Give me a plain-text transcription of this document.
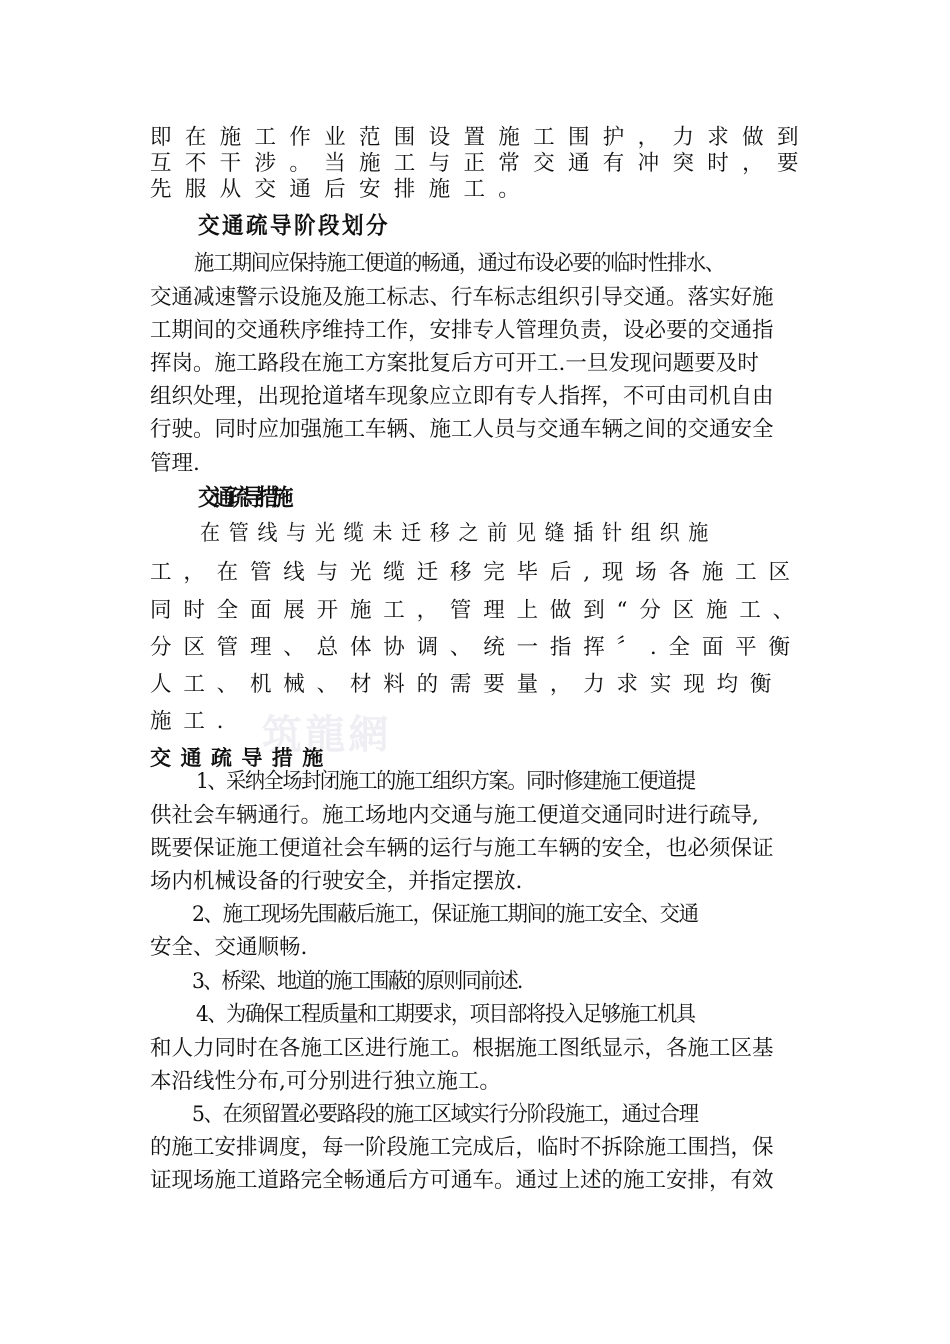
即在施工作业范围设置施工围护，力求做到
互不干涉。当施工与正常交通有冲突时，要
先服从交通后安排施工。
交通疏导阶段划分
施工期间应保持施工便道的畅通，通过布设必要的临时性排水、
交通减速警示设施及施工标志、行车标志组织引导交通。落实好施
工期间的交通秩序维持工作，安排专人管理负责，设必要的交通指
挥岗。施工路段在施工方案批复后方可开工.一旦发现问题要及时
组织处理，出现抢道堵车现象应立即有专人指挥，不可由司机自由
行驶。同时应加强施工车辆、施工人员与交通车辆之间的交通安全
管理.
交通疏导措施
在管线与光缆未迁移之前见缝插针组织施
工，在管线与光缆迁移完毕后,现场各施工区
同时全面展开施工，管理上做到“分区施工、
分区管理、总体协调、统一指挥〞.全面平衡
人工、机械、材料的需要量，力求实现均衡
施工. 筑龍網
交通疏导措施
1、采纳全场封闭施工的施工组织方案。同时修建施工便道提
供社会车辆通行。施工场地内交通与施工便道交通同时进行疏导,
既要保证施工便道社会车辆的运行与施工车辆的安全，也必须保证
场内机械设备的行驶安全，并指定摆放.
2、施工现场先围蔽后施工，保证施工期间的施工安全、交通
安全、交通顺畅.
3、桥梁、地道的施工围蔽的原则同前述.
4、为确保工程质量和工期要求，项目部将投入足够施工机具
和人力同时在各施工区进行施工。根据施工图纸显示，各施工区基
本沿线性分布,可分别进行独立施工。
5、在须留置必要路段的施工区域实行分阶段施工，通过合理
的施工安排调度，每一阶段施工完成后，临时不拆除施工围挡，保
证现场施工道路完全畅通后方可通车。通过上述的施工安排，有效
